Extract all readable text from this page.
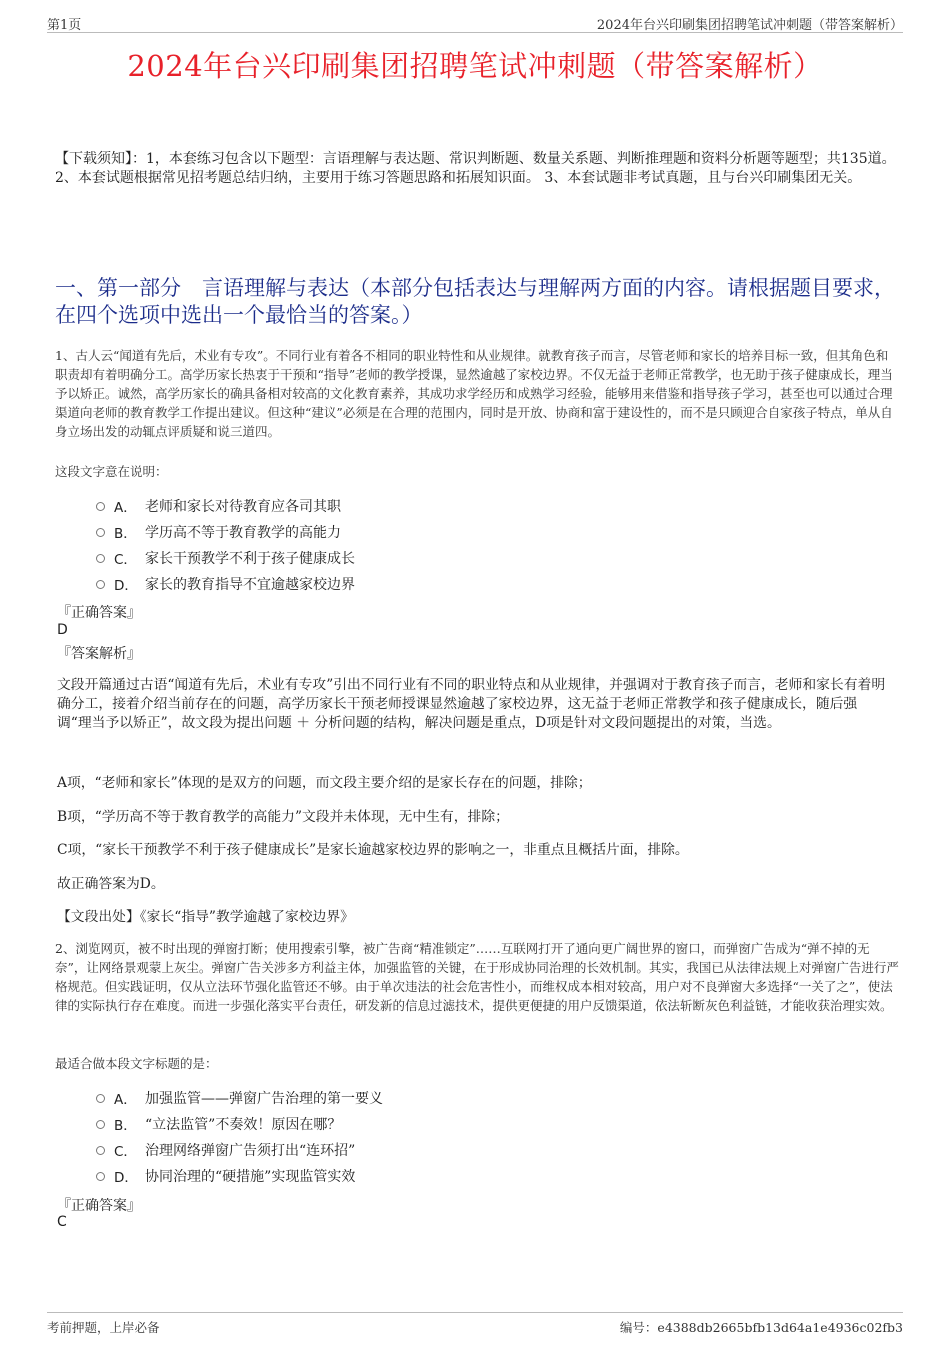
第1页	2024年台兴印刷集团招聘笔试冲刺题（带答案解析）
2024年台兴印刷集团招聘笔试冲刺题（带答案解析）
【下载须知】：1，本套练习包含以下题型：言语理解与表达题、常识判断题、数量关系题、判断推理题和资料分析题等题型；共135道。 2、本套试题根据常见招考题总结归纳，主要用于练习答题思路和拓展知识面。 3、本套试题非考试真题，且与台兴印刷集团无关。
一、第一部分　言语理解与表达（本部分包括表达与理解两方面的内容。请根据题目要求，在四个选项中选出一个最恰当的答案。）
1、古人云“闻道有先后，术业有专攻”。不同行业有着各不相同的职业特性和从业规律。就教育孩子而言，尽管老师和家长的培养目标一致，但其角色和职责却有着明确分工。高学历家长热衷于干预和“指导”老师的教学授课，显然逾越了家校边界。不仅无益于老师正常教学，也无助于孩子健康成长，理当予以矫正。诚然，高学历家长的确具备相对较高的文化教育素养，其成功求学经历和成熟学习经验，能够用来借鉴和指导孩子学习，甚至也可以通过合理渠道向老师的教育教学工作提出建议。但这种“建议”必须是在合理的范围内，同时是开放、协商和富于建设性的，而不是只顾迎合自家孩子特点，单从自身立场出发的动辄点评质疑和说三道四。
这段文字意在说明：
A． 老师和家长对待教育应各司其职
B． 学历高不等于教育教学的高能力
C． 家长干预教学不利于孩子健康成长
D． 家长的教育指导不宜逾越家校边界
『正确答案』
D
『答案解析』

文段开篇通过古语“闻道有先后，术业有专攻”引出不同行业有不同的职业特点和从业规律，并强调对于教育孩子而言，老师和家长有着明确分工，接着介绍当前存在的问题，高学历家长干预老师授课显然逾越了家校边界，这无益于老师正常教学和孩子健康成长，随后强调“理当予以矫正”，故文段为提出问题 ＋ 分析问题的结构，解决问题是重点，D项是针对文段问题提出的对策，当选。

A项，“老师和家长”体现的是双方的问题，而文段主要介绍的是家长存在的问题，排除；
B项，“学历高不等于教育教学的高能力”文段并未体现，无中生有，排除；
C项，“家长干预教学不利于孩子健康成长”是家长逾越家校边界的影响之一，非重点且概括片面，排除。
故正确答案为D。
【文段出处】《家长“指导”教学逾越了家校边界》
2、浏览网页，被不时出现的弹窗打断；使用搜索引擎，被广告商“精准锁定”……互联网打开了通向更广阔世界的窗口，而弹窗广告成为“弹不掉的无奈”，让网络景观蒙上灰尘。弹窗广告关涉多方利益主体，加强监管的关键，在于形成协同治理的长效机制。其实，我国已从法律法规上对弹窗广告进行严格规范。但实践证明，仅从立法环节强化监管还不够。由于单次违法的社会危害性小，而维权成本相对较高，用户对不良弹窗大多选择“一关了之”，使法律的实际执行存在难度。而进一步强化落实平台责任，研发新的信息过滤技术，提供更便捷的用户反馈渠道，依法斩断灰色利益链，才能收获治理实效。
最适合做本段文字标题的是：
A． 加强监管——弹窗广告治理的第一要义
B． “立法监管”不奏效！原因在哪？
C． 治理网络弹窗广告须打出“连环招”
D． 协同治理的“硬措施”实现监管实效
『正确答案』
C
考前押题，上岸必备	编号：e4388db2665bfb13d64a1e4936c02fb3
